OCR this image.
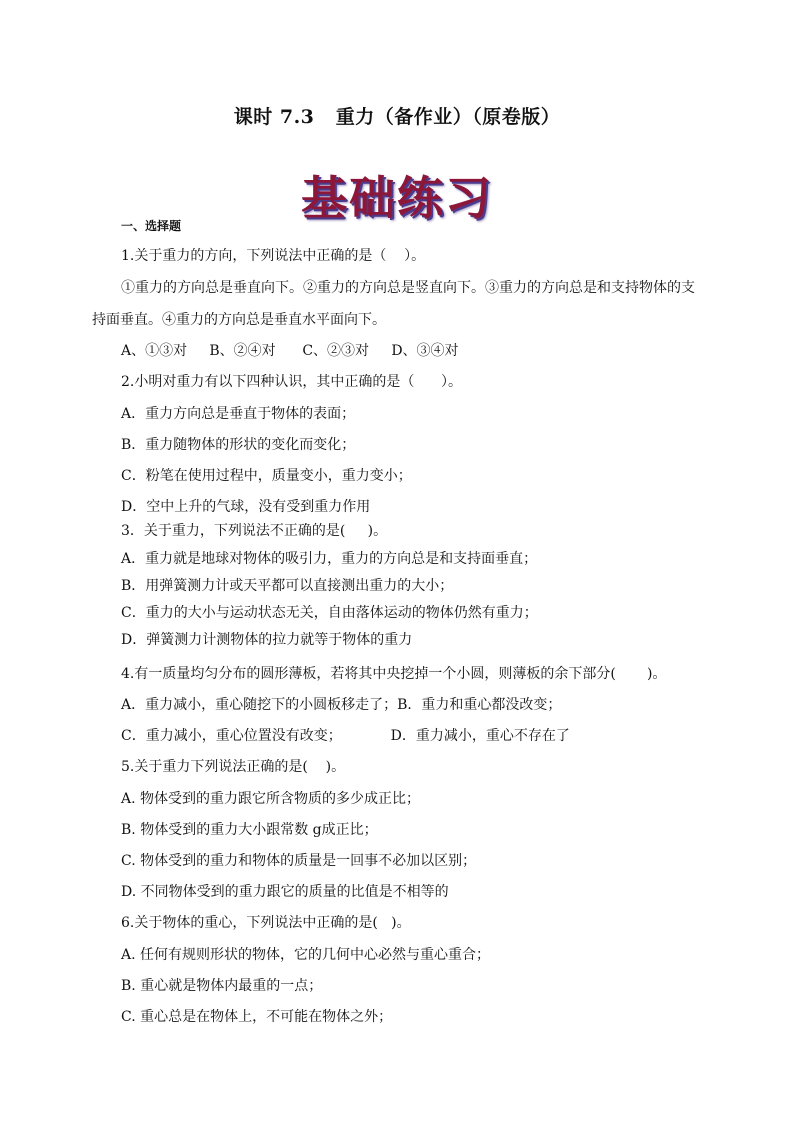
课时 7.3   重力（备作业）（原卷版）
基础练习
一、选择题
1.关于重力的方向，下列说法中正确的是（    ）。
①重力的方向总是垂直向下。②重力的方向总是竖直向下。③重力的方向总是和支持物体的支
持面垂直。④重力的方向总是垂直水平面向下。
A、①③对     B、②④对      C、②③对     D、③④对
2.小明对重力有以下四种认识，其中正确的是（      ）。
A．重力方向总是垂直于物体的表面；
B．重力随物体的形状的变化而变化；
C．粉笔在使用过程中，质量变小，重力变小；
D．空中上升的气球，没有受到重力作用
3．关于重力，下列说法不正确的是(     )。
A．重力就是地球对物体的吸引力，重力的方向总是和支持面垂直；
B．用弹簧测力计或天平都可以直接测出重力的大小；
C．重力的大小与运动状态无关，自由落体运动的物体仍然有重力；
D．弹簧测力计测物体的拉力就等于物体的重力
4.有一质量均匀分布的圆形薄板，若将其中央挖掉一个小圆，则薄板的余下部分(       )。
A．重力减小，重心随挖下的小圆板移走了；B．重力和重心都没改变；
C．重力减小，重心位置没有改变；           D．重力减小，重心不存在了
5.关于重力下列说法正确的是(    )。
A. 物体受到的重力跟它所含物质的多少成正比；
B. 物体受到的重力大小跟常数 g成正比；
C. 物体受到的重力和物体的质量是一回事不必加以区别；
D. 不同物体受到的重力跟它的质量的比值是不相等的
6.关于物体的重心，下列说法中正确的是(   )。
A. 任何有规则形状的物体，它的几何中心必然与重心重合；
B. 重心就是物体内最重的一点；
C. 重心总是在物体上，不可能在物体之外；
